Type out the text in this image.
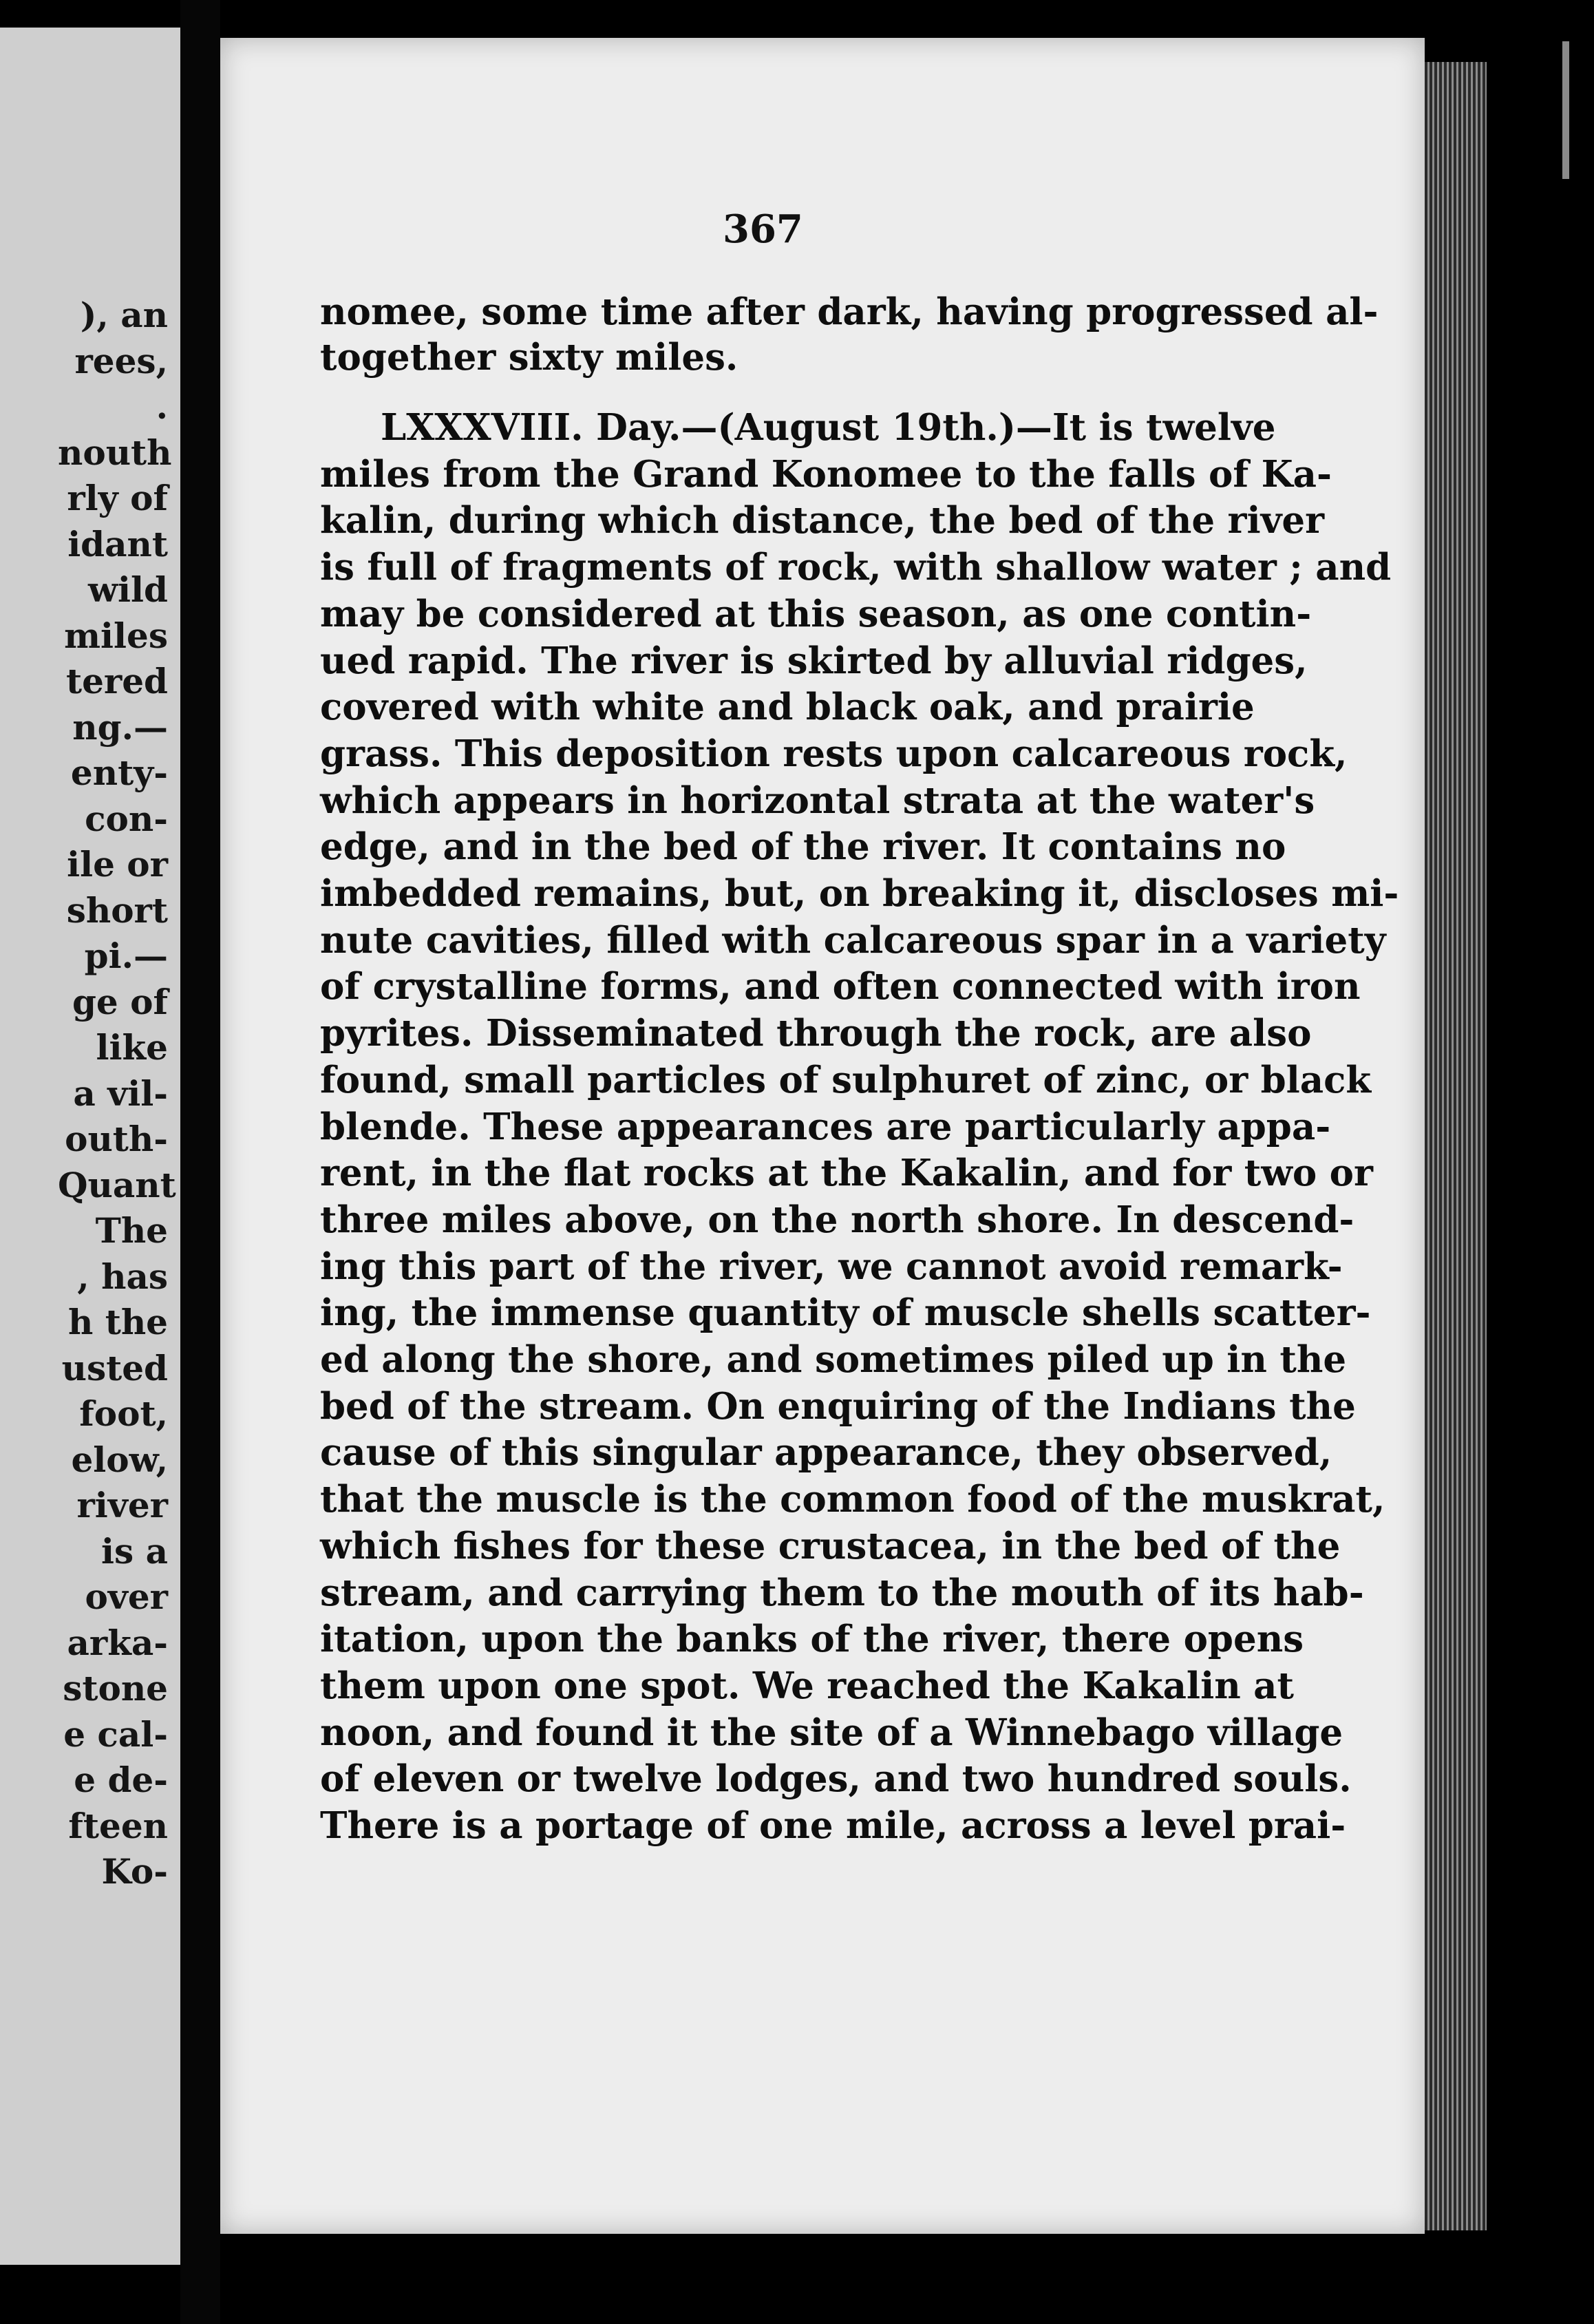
), an
rees,
.
nouth
rly of
idant
wild
miles
tered
ng.—
enty-
con-
ile or
short
pi.—
ge of
like
a vil-
outh-
Quant
The
, has
h the
usted
foot,
elow,
river
is a
over
arka-
stone
e cal-
e de-
fteen
Ko-
367
nomee, some time after dark, having progressed al-
together sixty miles.
LXXXVIII. Day.—(August 19th.)—It is twelve
miles from the Grand Konomee to the falls of Ka-
kalin, during which distance, the bed of the river
is full of fragments of rock, with shallow water ; and
may be considered at this season, as one contin-
ued rapid. The river is skirted by alluvial ridges,
covered with white and black oak, and prairie
grass. This deposition rests upon calcareous rock,
which appears in horizontal strata at the water's
edge, and in the bed of the river. It contains no
imbedded remains, but, on breaking it, discloses mi-
nute cavities, filled with calcareous spar in a variety
of crystalline forms, and often connected with iron
pyrites. Disseminated through the rock, are also
found, small particles of sulphuret of zinc, or black
blende. These appearances are particularly appa-
rent, in the flat rocks at the Kakalin, and for two or
three miles above, on the north shore. In descend-
ing this part of the river, we cannot avoid remark-
ing, the immense quantity of muscle shells scatter-
ed along the shore, and sometimes piled up in the
bed of the stream. On enquiring of the Indians the
cause of this singular appearance, they observed,
that the muscle is the common food of the muskrat,
which fishes for these crustacea, in the bed of the
stream, and carrying them to the mouth of its hab-
itation, upon the banks of the river, there opens
them upon one spot. We reached the Kakalin at
noon, and found it the site of a Winnebago village
of eleven or twelve lodges, and two hundred souls.
There is a portage of one mile, across a level prai-
